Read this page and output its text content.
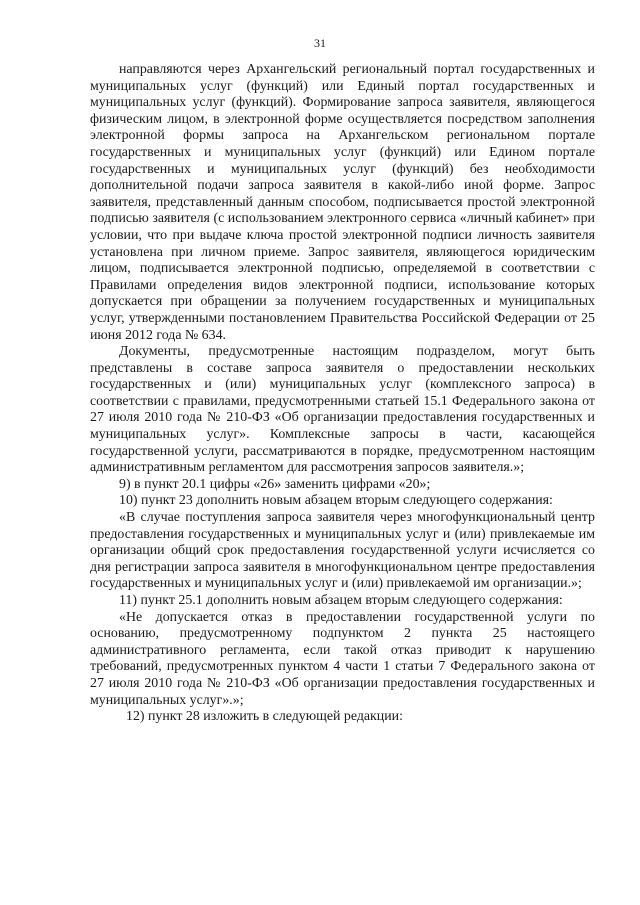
31

направляются через Архангельский региональный портал государственных и муниципальных услуг (функций) или Единый портал государственных и муниципальных услуг (функций). Формирование запроса заявителя, являющегося физическим лицом, в электронной форме осуществляется посредством заполнения электронной формы запроса на Архангельском региональном портале государственных и муниципальных услуг (функций) или Едином портале государственных и муниципальных услуг (функций) без необходимости дополнительной подачи запроса заявителя в какой-либо иной форме. Запрос заявителя, представленный данным способом, подписывается простой электронной подписью заявителя (с использованием электронного сервиса «личный кабинет» при условии, что при выдаче ключа простой электронной подписи личность заявителя установлена при личном приеме. Запрос заявителя, являющегося юридическим лицом, подписывается электронной подписью, определяемой в соответствии с Правилами определения видов электронной подписи, использование которых допускается при обращении за получением государственных и муниципальных услуг, утвержденными постановлением Правительства Российской Федерации от 25 июня 2012 года № 634.

Документы, предусмотренные настоящим подразделом, могут быть представлены в составе запроса заявителя о предоставлении нескольких государственных и (или) муниципальных услуг (комплексного запроса) в соответствии с правилами, предусмотренными статьей 15.1 Федерального закона от 27 июля 2010 года № 210-ФЗ «Об организации предоставления государственных и муниципальных услуг». Комплексные запросы в части, касающейся государственной услуги, рассматриваются в порядке, предусмотренном настоящим административным регламентом для рассмотрения запросов заявителя.»;

9) в пункт 20.1 цифры «26» заменить цифрами «20»;

10) пункт 23 дополнить новым абзацем вторым следующего содержания:

«В случае поступления запроса заявителя через многофункциональный центр предоставления государственных и муниципальных услуг и (или) привлекаемые им организации общий срок предоставления государственной услуги исчисляется со дня регистрации запроса заявителя в многофункциональном центре предоставления государственных и муниципальных услуг и (или) привлекаемой им организации.»;

11) пункт 25.1 дополнить новым абзацем вторым следующего содержания:

«Не допускается отказ в предоставлении государственной услуги по основанию, предусмотренному подпунктом 2 пункта 25 настоящего административного регламента, если такой отказ приводит к нарушению требований, предусмотренных пунктом 4 части 1 статьи 7 Федерального закона от 27 июля 2010 года № 210-ФЗ «Об организации предоставления государственных и муниципальных услуг».»;

12) пункт 28 изложить в следующей редакции:
